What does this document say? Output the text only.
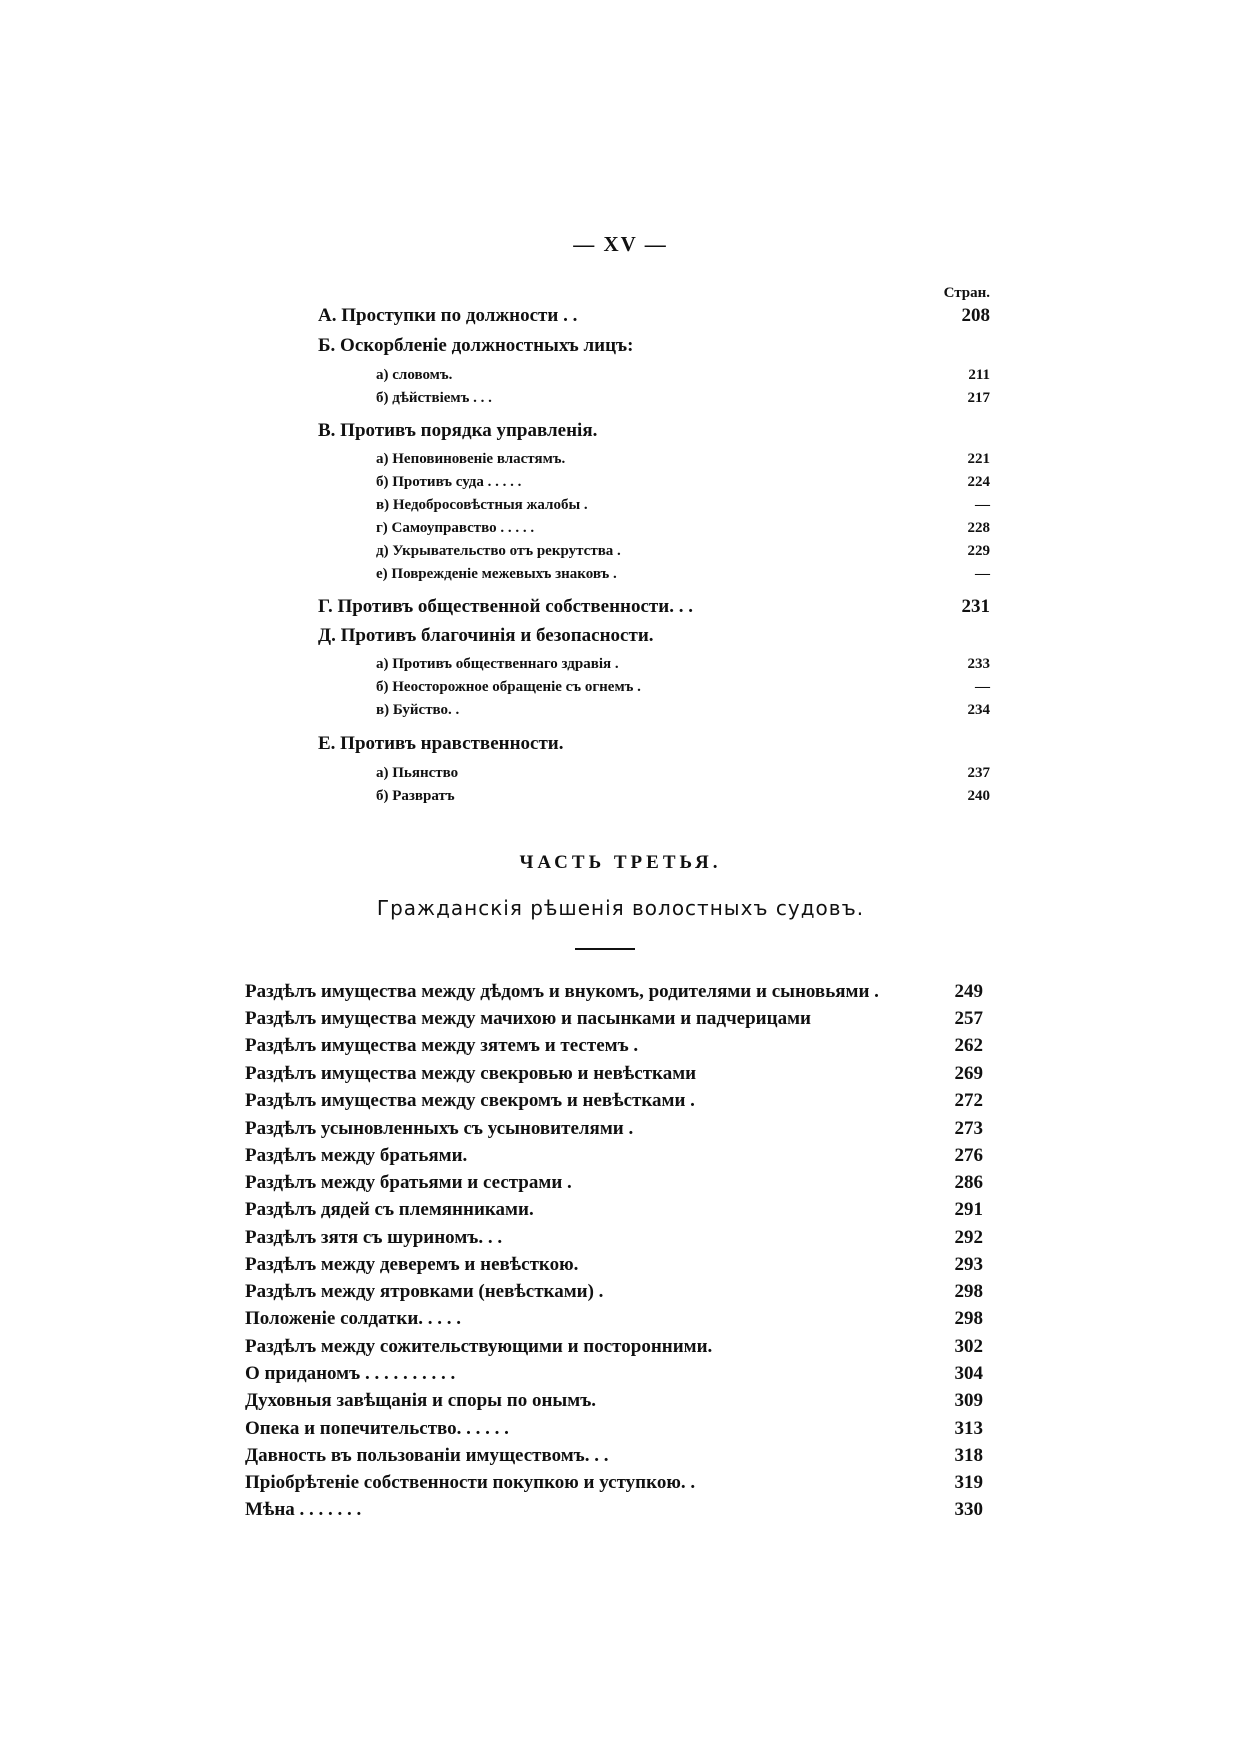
— XV —
Стран.
А. Проступки по должности . .	208
Б. Оскорбленіе должностныхъ лицъ:
а) словомъ.	211
б) дѣйствіемъ . . .	217
В. Противъ порядка управленія.
а) Неповиновеніе властямъ.	221
б) Противъ суда . . . . .	224
в) Недобросовѣстныя жалобы .	—
г) Самоуправство . . . . .	228
д) Укрывательство отъ рекрутства .	229
е) Поврежденіе межевыхъ знаковъ .	—
Г. Противъ общественной собственности. . .	231
Д. Противъ благочинія и безопасности.
а) Противъ общественнаго здравія .	233
б) Неосторожное обращеніе съ огнемъ .	—
в) Буйство. .	234
Е. Противъ нравственности.
а) Пьянство	237
б) Развратъ	240
ЧАСТЬ ТРЕТЬЯ.
Гражданскія рѣшенія волостныхъ судовъ.
Раздѣлъ имущества между дѣдомъ и внукомъ, родителями и сыновьями .	249
Раздѣлъ имущества между мачихою и пасынками и падчерицами	257
Раздѣлъ имущества между зятемъ и тестемъ .	262
Раздѣлъ имущества между свекровью и невѣстками	269
Раздѣлъ имущества между свекромъ и невѣстками .	272
Раздѣлъ усыновленныхъ съ усыновителями .	273
Раздѣлъ между братьями.	276
Раздѣлъ между братьями и сестрами .	286
Раздѣлъ дядей съ племянниками.	291
Раздѣлъ зятя съ шуриномъ. . .	292
Раздѣлъ между деверемъ и невѣсткою.	293
Раздѣлъ между ятровками (невѣстками) .	298
Положеніе солдатки. . . . .	298
Раздѣлъ между сожительствующими и посторонними.	302
О приданомъ . . . . . . . . . .	304
Духовныя завѣщанія и споры по онымъ.	309
Опека и попечительство. . . . . .	313
Давность въ пользованіи имуществомъ. . .	318
Пріобрѣтеніе собственности покупкою и уступкою. .	319
Мѣна . . . . . . .	330
